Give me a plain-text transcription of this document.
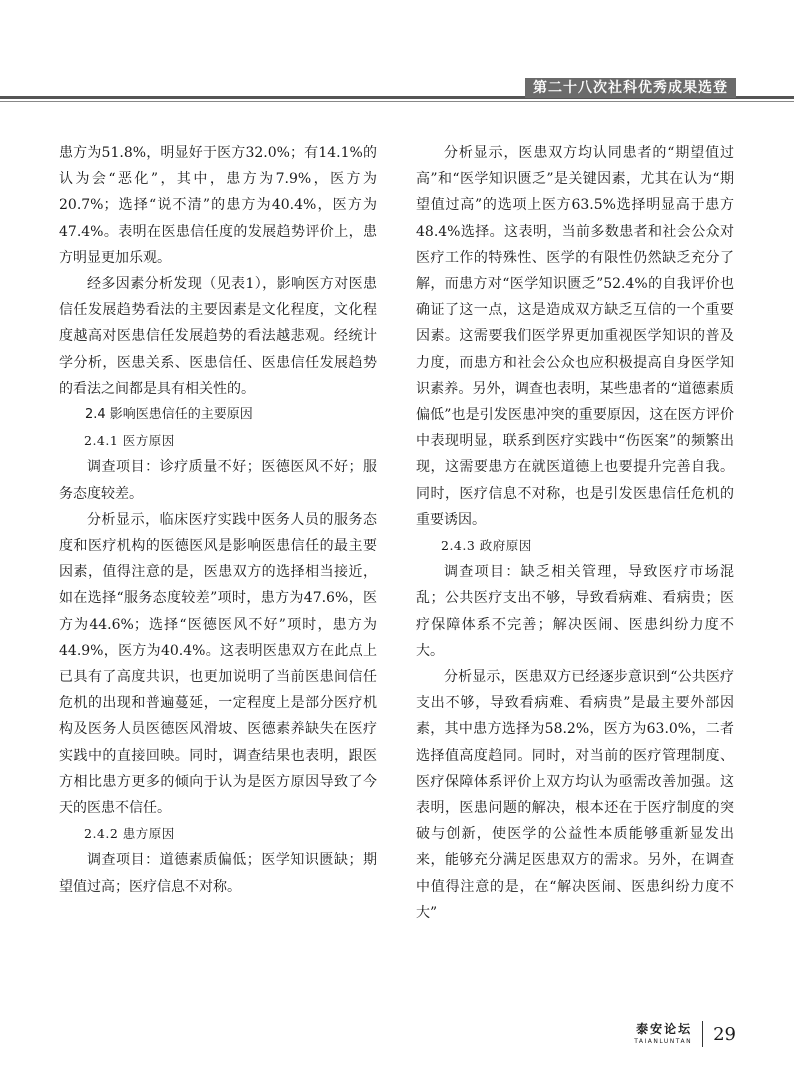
第二十八次社科优秀成果选登

患方为51.8%，明显好于医方32.0%；有14.1%的认为会“恶化”，其中，患方为7.9%，医方为20.7%；选择“说不清”的患方为40.4%，医方为47.4%。表明在医患信任度的发展趋势评价上，患方明显更加乐观。

经多因素分析发现（见表1），影响医方对医患信任发展趋势看法的主要因素是文化程度，文化程度越高对医患信任发展趋势的看法越悲观。经统计学分析，医患关系、医患信任、医患信任发展趋势的看法之间都是具有相关性的。

2.4 影响医患信任的主要原因

2.4.1 医方原因

调查项目：诊疗质量不好；医德医风不好；服务态度较差。

分析显示，临床医疗实践中医务人员的服务态度和医疗机构的医德医风是影响医患信任的最主要因素，值得注意的是，医患双方的选择相当接近，如在选择“服务态度较差”项时，患方为47.6%，医方为44.6%；选择“医德医风不好”项时，患方为44.9%，医方为40.4%。这表明医患双方在此点上已具有了高度共识，也更加说明了当前医患间信任危机的出现和普遍蔓延，一定程度上是部分医疗机构及医务人员医德医风滑坡、医德素养缺失在医疗实践中的直接回映。同时，调查结果也表明，跟医方相比患方更多的倾向于认为是医方原因导致了今天的医患不信任。

2.4.2 患方原因

调查项目：道德素质偏低；医学知识匮缺；期望值过高；医疗信息不对称。

分析显示，医患双方均认同患者的“期望值过高”和“医学知识匮乏”是关键因素，尤其在认为“期望值过高”的选项上医方63.5%选择明显高于患方48.4%选择。这表明，当前多数患者和社会公众对医疗工作的特殊性、医学的有限性仍然缺乏充分了解，而患方对“医学知识匮乏”52.4%的自我评价也确证了这一点，这是造成双方缺乏互信的一个重要因素。这需要我们医学界更加重视医学知识的普及力度，而患方和社会公众也应积极提高自身医学知识素养。另外，调查也表明，某些患者的“道德素质偏低”也是引发医患冲突的重要原因，这在医方评价中表现明显，联系到医疗实践中“伤医案”的频繁出现，这需要患方在就医道德上也要提升完善自我。同时，医疗信息不对称，也是引发医患信任危机的重要诱因。

2.4.3 政府原因

调查项目：缺乏相关管理，导致医疗市场混乱；公共医疗支出不够，导致看病难、看病贵；医疗保障体系不完善；解决医闹、医患纠纷力度不大。

分析显示，医患双方已经逐步意识到“公共医疗支出不够，导致看病难、看病贵”是最主要外部因素，其中患方选择为58.2%，医方为63.0%，二者选择值高度趋同。同时，对当前的医疗管理制度、医疗保障体系评价上双方均认为亟需改善加强。这表明，医患问题的解决，根本还在于医疗制度的突破与创新，使医学的公益性本质能够重新显发出来，能够充分满足医患双方的需求。另外，在调查中值得注意的是，在“解决医闹、医患纠纷力度不大”

泰安论坛
TAIANLUNTAN 29
